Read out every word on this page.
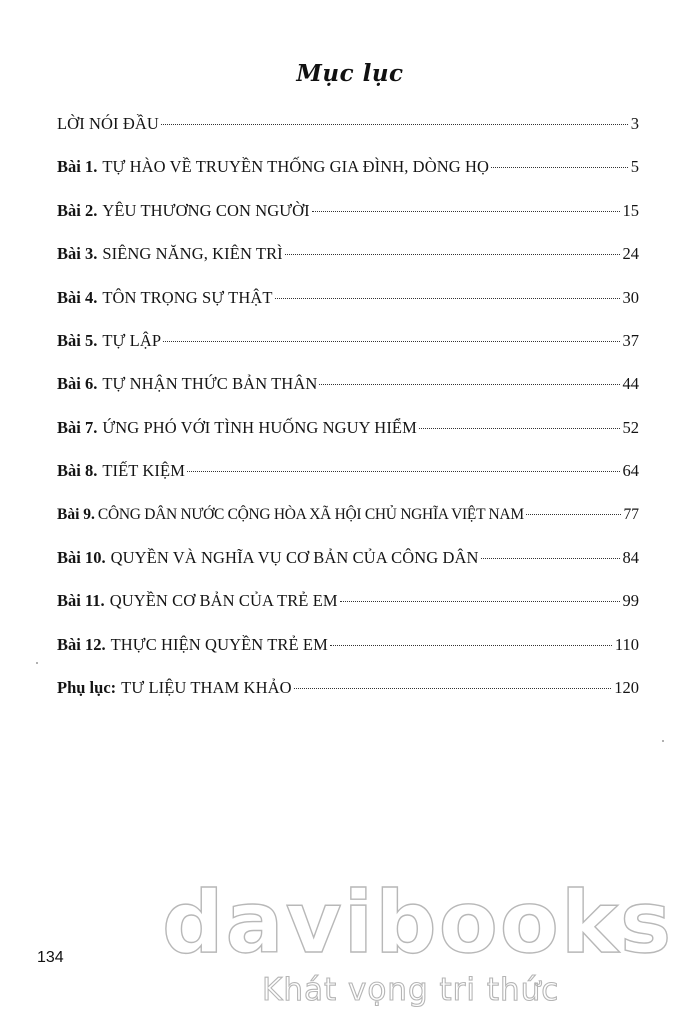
Mục lục
LỜI NÓI ĐẦU	3
Bài 1. TỰ HÀO VỀ TRUYỀN THỐNG GIA ĐÌNH, DÒNG HỌ	5
Bài 2. YÊU THƯƠNG CON NGƯỜI	15
Bài 3. SIÊNG NĂNG, KIÊN TRÌ	24
Bài 4. TÔN TRỌNG SỰ THẬT	30
Bài 5. TỰ LẬP	37
Bài 6. TỰ NHẬN THỨC BẢN THÂN	44
Bài 7. ỨNG PHÓ VỚI TÌNH HUỐNG NGUY HIỂM	52
Bài 8. TIẾT KIỆM	64
Bài 9. CÔNG DÂN NƯỚC CỘNG HÒA XÃ HỘI CHỦ NGHĨA VIỆT NAM	77
Bài 10. QUYỀN VÀ NGHĨA VỤ CƠ BẢN CỦA CÔNG DÂN	84
Bài 11. QUYỀN CƠ BẢN CỦA TRẺ EM	99
Bài 12. THỰC HIỆN QUYỀN TRẺ EM	110
Phụ lục: TƯ LIỆU THAM KHẢO	120
davibooks
Khát vọng tri thức
134
